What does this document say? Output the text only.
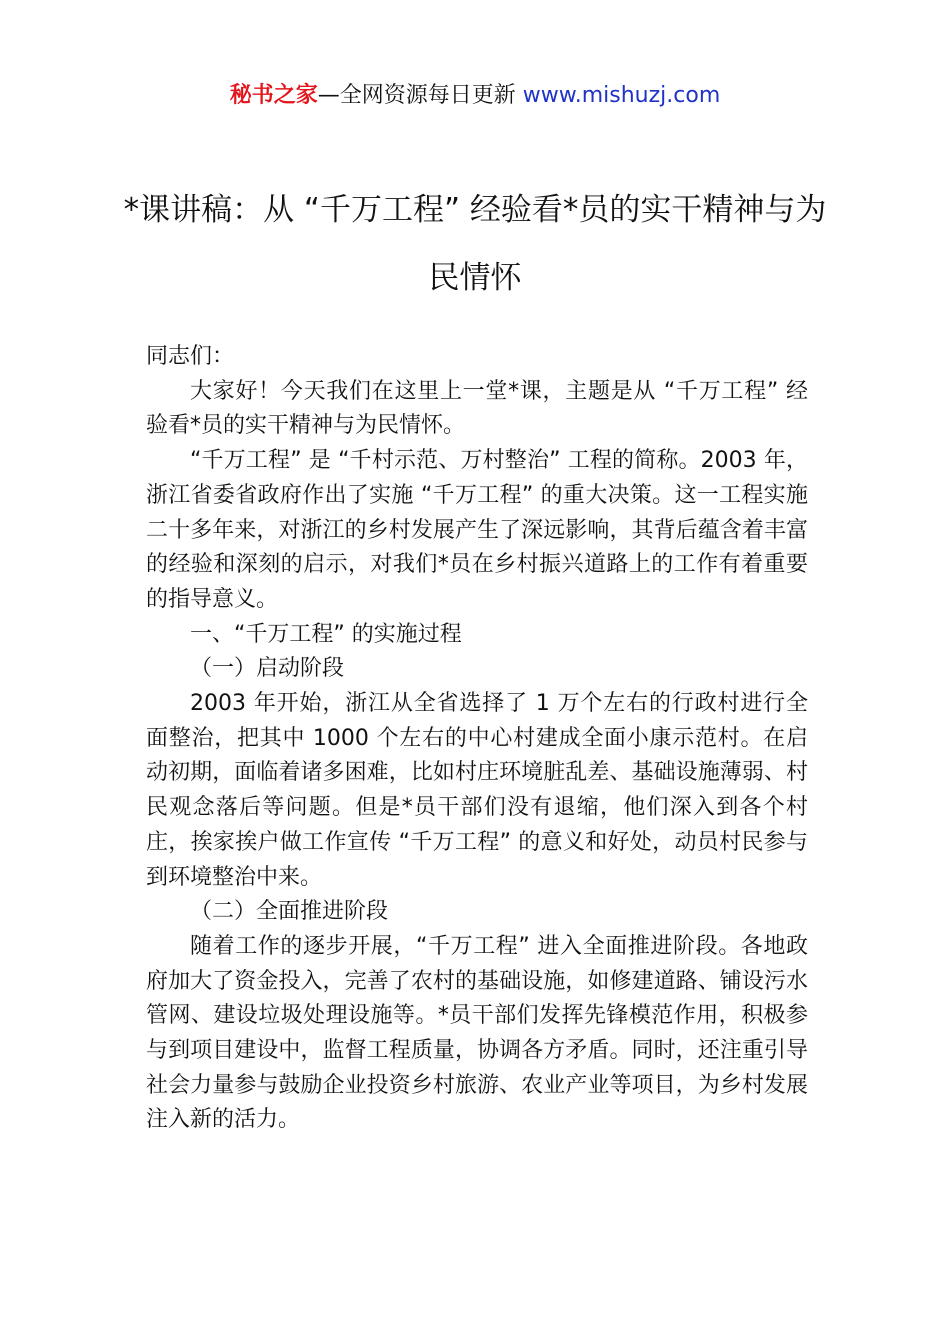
秘书之家—全网资源每日更新 www.mishuzj.com
*课讲稿：从 “千万工程” 经验看*员的实干精神与为民情怀

同志们：

大家好！今天我们在这里上一堂*课，主题是从 “千万工程” 经验看*员的实干精神与为民情怀。

“千万工程” 是 “千村示范、万村整治” 工程的简称。2003 年，浙江省委省政府作出了实施 “千万工程” 的重大决策。这一工程实施二十多年来，对浙江的乡村发展产生了深远影响，其背后蕴含着丰富的经验和深刻的启示，对我们*员在乡村振兴道路上的工作有着重要的指导意义。

一、“千万工程” 的实施过程

（一）启动阶段

2003 年开始，浙江从全省选择了 1 万个左右的行政村进行全面整治，把其中 1000 个左右的中心村建成全面小康示范村。在启动初期，面临着诸多困难，比如村庄环境脏乱差、基础设施薄弱、村民观念落后等问题。但是*员干部们没有退缩，他们深入到各个村庄，挨家挨户做工作宣传 “千万工程” 的意义和好处，动员村民参与到环境整治中来。

（二）全面推进阶段

随着工作的逐步开展，“千万工程” 进入全面推进阶段。各地政府加大了资金投入，完善了农村的基础设施，如修建道路、铺设污水管网、建设垃圾处理设施等。*员干部们发挥先锋模范作用，积极参与到项目建设中，监督工程质量，协调各方矛盾。同时，还注重引导社会力量参与鼓励企业投资乡村旅游、农业产业等项目，为乡村发展注入新的活力。
